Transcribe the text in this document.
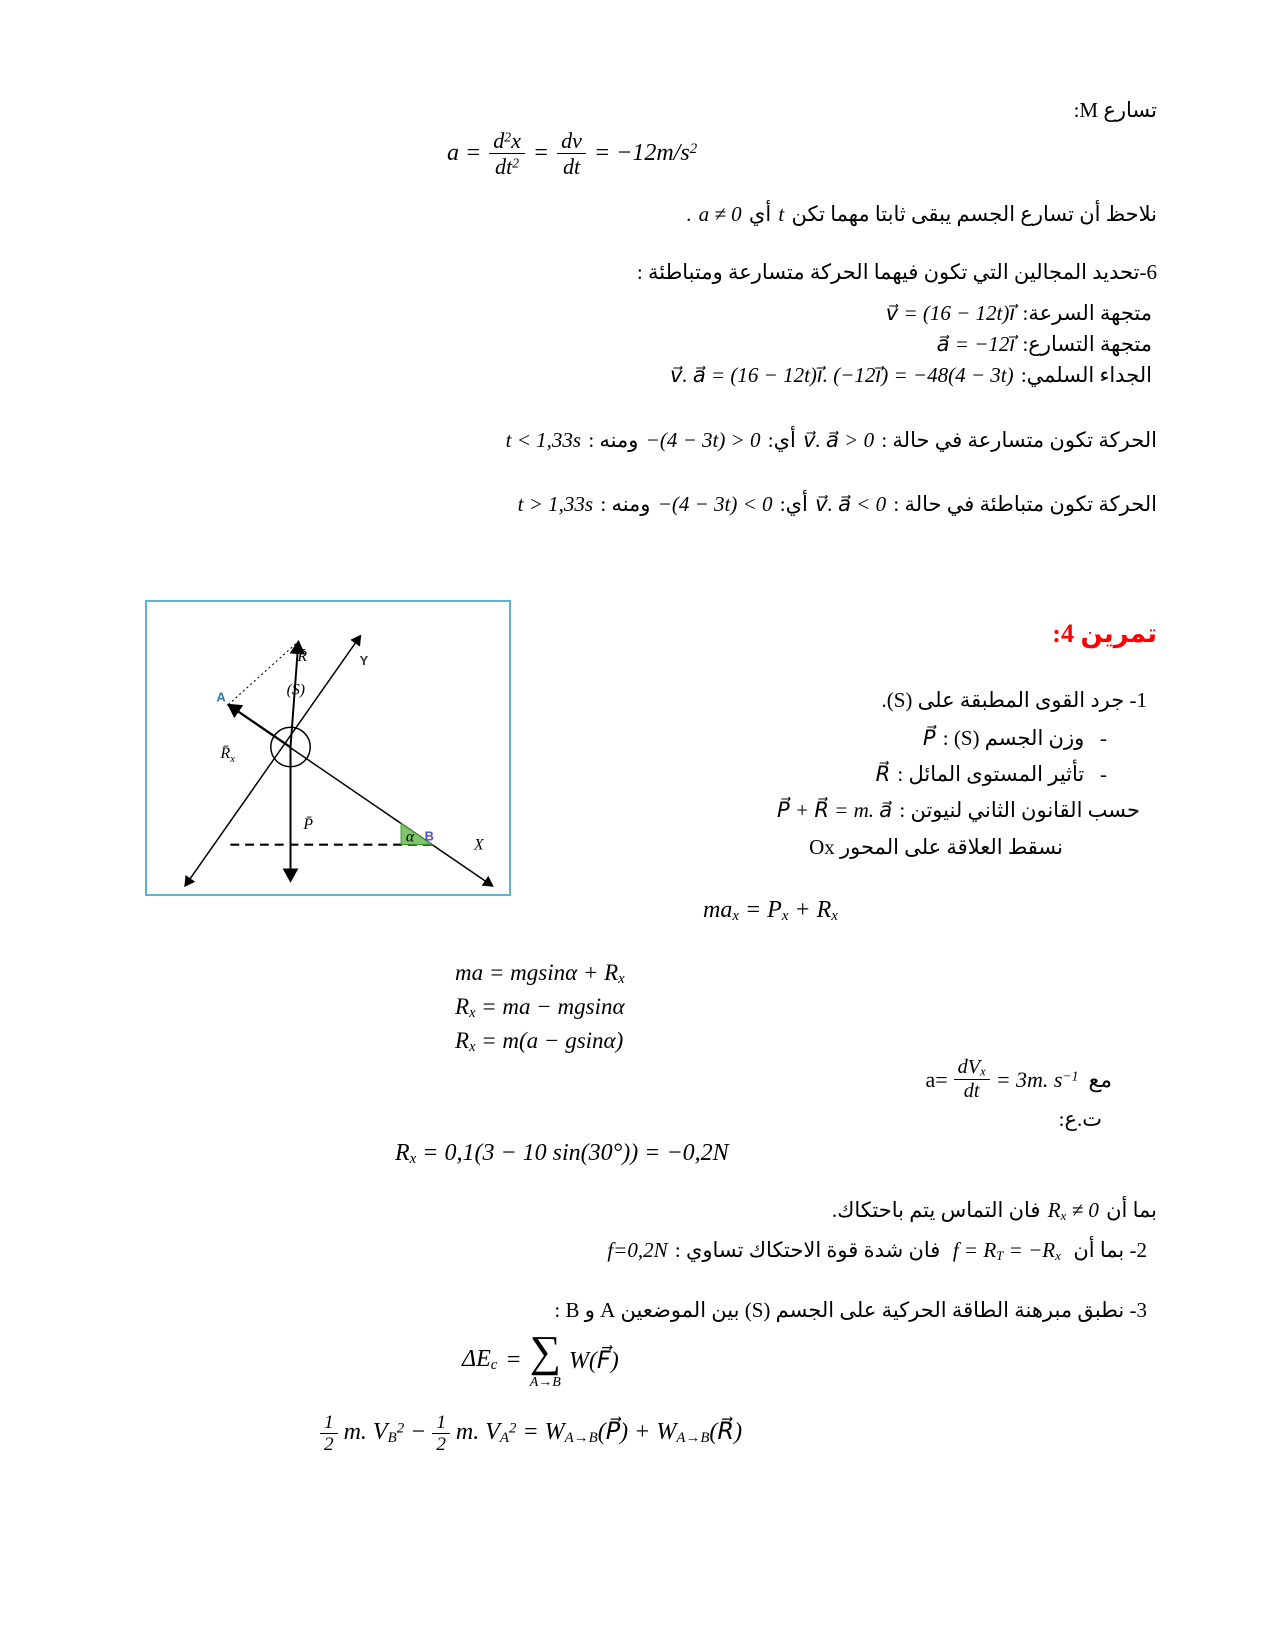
تسارع M:

$a = \frac{d^2x}{dt^2} = \frac{dv}{dt} = -12m/s^2$

نلاحظ أن تسارع الجسم يبقى ثابتا مهما تكن t أي a ≠ 0 .

6-تحديد المجالين التي تكون فيهما الحركة متسارعة ومتباطئة :

متجهة السرعة: v⃗ = (16 − 12t)ı⃗

متجهة التسارع: a⃗ = −12ı⃗

الجداء السلمي: v⃗. a⃗ = (16 − 12t)ı⃗. (−12ı⃗) = −48(4 − 3t)

الحركة تكون متسارعة في حالة : v⃗. a⃗ > 0 أي: −(4 − 3t) > 0 ومنه : t < 1,33s

الحركة تكون متباطئة في حالة : v⃗. a⃗ < 0 أي: −(4 − 3t) < 0 ومنه : t > 1,33s

R̄
(S)
Y
A
$R̄_x$
P̄
B
α	X

تمرين 4:

1- جرد القوى المطبقة على (S).

-   وزن الجسم (S) : P⃗

-   تأثير المستوى المائل : R⃗

حسب القانون الثاني لنيوتن : P⃗ + R⃗ = m. a⃗

نسقط العلاقة على المحور Ox

$ma_x = P_x + R_x$
ma = $mgsin\alpha + R_x$
$R_x$ = ma − mgsinα
$R_x = m(a - gsin\alpha)$
مع
$a= \frac{dV_x}{dt} = 3m$. $s^{-1}$

ت.ع:

$R_x = 0,1(3 - 10$ sin(30°)) = −0,2N

بما أن $R_x \ne 0$ فان التماس يتم باحتكاك.

2- بما أن  $f = R_T = -R_x$  فان شدة قوة الاحتكاك تساوي : f=0,2N

3- نطبق مبرهنة الطاقة الحركية على الجسم (S) بين الموضعين A و B :

$\Delta E_c$ = ∑
A→B
W(F⃗)
$\frac{1}{2} m$. $V_B^2 - \frac{1}{2} m$. $V_A^2$ = $W_{A\to B}(P⃗)$ + $W_{A\to B}(R⃗)$
